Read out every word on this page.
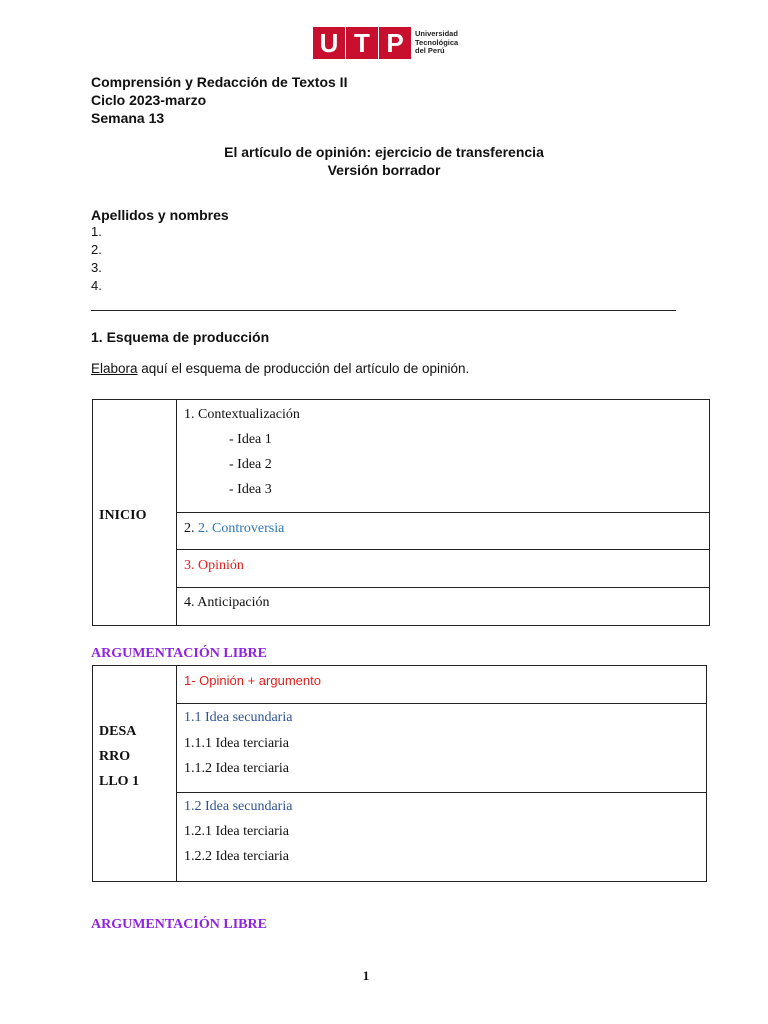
U T P	Universidad
Tecnológica
del Perú
Comprensión y Redacción de Textos II
Ciclo 2023-marzo
Semana 13
El artículo de opinión: ejercicio de transferencia
Versión borrador
Apellidos y nombres
1.
2.
3.
4.
1. Esquema de producción
Elabora aquí el esquema de producción del artículo de opinión.
INICIO

1. Contextualización
- Idea 1
- Idea 2
- Idea 3

2. 2. Controversia

3. Opinión

4. Anticipación
ARGUMENTACIÓN LIBRE
DESA
RRO
LLO 1

1- Opinión + argumento

1.1 Idea secundaria
1.1.1 Idea terciaria
1.1.2 Idea terciaria

1.2 Idea secundaria
1.2.1 Idea terciaria
1.2.2 Idea terciaria
ARGUMENTACIÓN LIBRE
1
